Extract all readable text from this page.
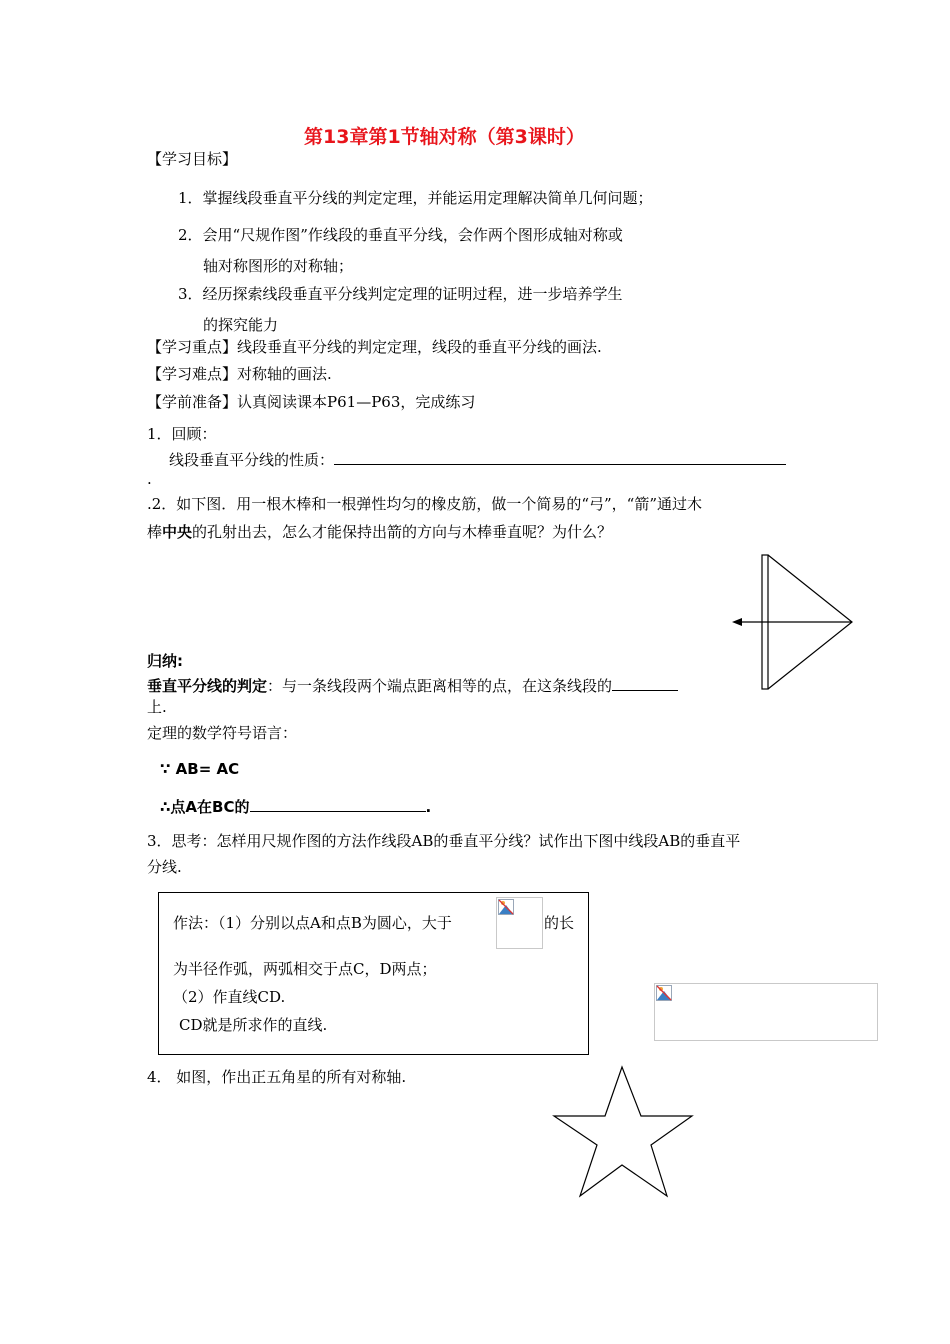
第13章第1节轴对称（第3课时）
【学习目标】
1．掌握线段垂直平分线的判定定理，并能运用定理解决简单几何问题；
2．会用“尺规作图”作线段的垂直平分线，会作两个图形成轴对称或
轴对称图形的对称轴；
3．经历探索线段垂直平分线判定定理的证明过程，进一步培养学生
的探究能力
【学习重点】线段垂直平分线的判定定理，线段的垂直平分线的画法.
【学习难点】对称轴的画法.
【学前准备】认真阅读课本P61—P63，完成练习
1．回顾：
线段垂直平分线的性质：
.
.2．如下图．用一根木棒和一根弹性均匀的橡皮筋，做一个简易的“弓”，“箭”通过木
棒中央的孔射出去，怎么才能保持出箭的方向与木棒垂直呢？为什么？
归纳:
垂直平分线的判定：与一条线段两个端点距离相等的点，在这条线段的
上.
定理的数学符号语言：
∵ AB= AC
∴点A在BC的	.
3．思考：怎样用尺规作图的方法作线段AB的垂直平分线？试作出下图中线段AB的垂直平
分线.
作法：（1）分别以点A和点B为圆心，大于	的长
为半径作弧，两弧相交于点C，D两点；
（2）作直线CD.
CD就是所求作的直线.
4． 如图，作出正五角星的所有对称轴.
